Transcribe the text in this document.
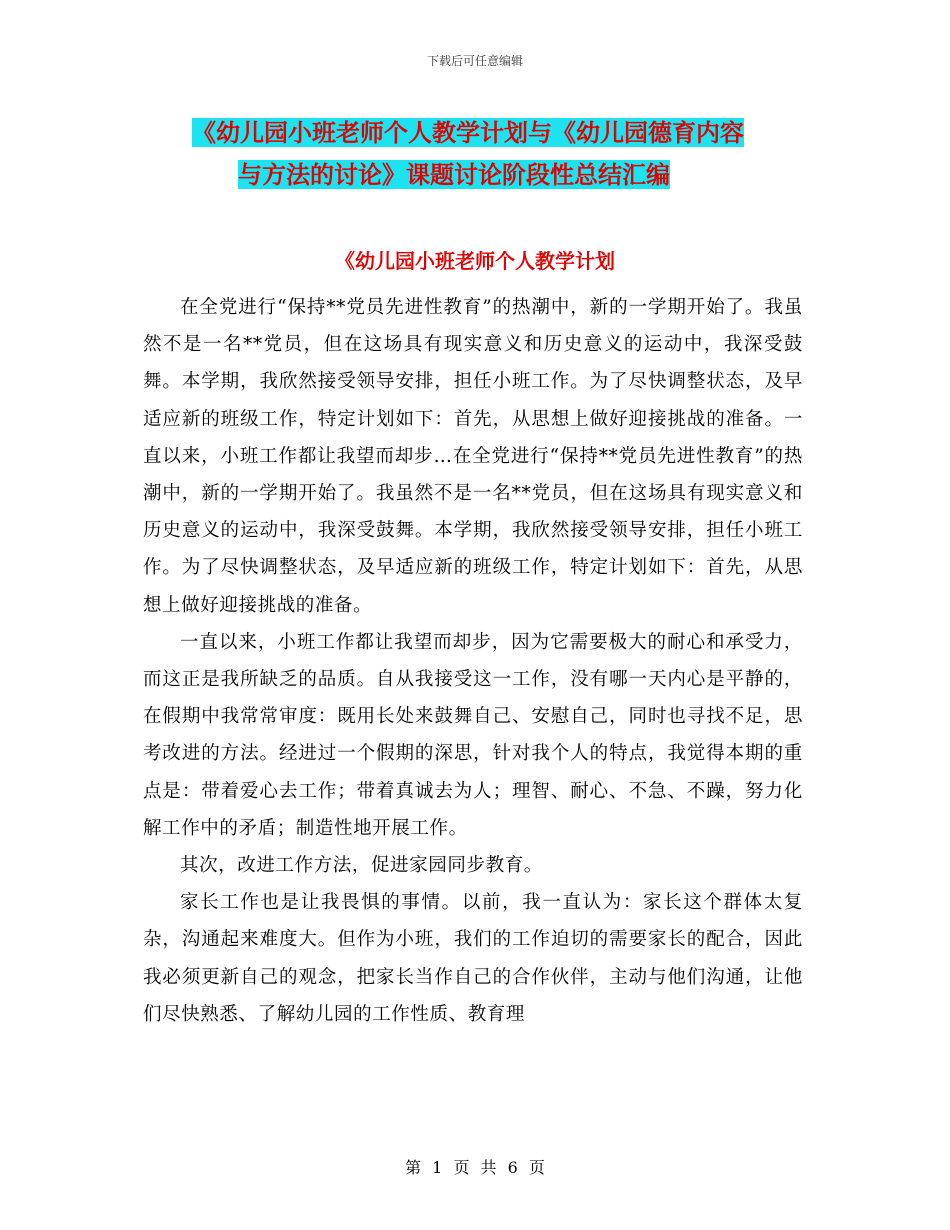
下载后可任意编辑
《幼儿园小班老师个人教学计划与《幼儿园德育内容
与方法的讨论》课题讨论阶段性总结汇编
《幼儿园小班老师个人教学计划

在全党进行“保持**党员先进性教育”的热潮中，新的一学期开始了。我虽然不是一名**党员，但在这场具有现实意义和历史意义的运动中，我深受鼓舞。本学期，我欣然接受领导安排，担任小班工作。为了尽快调整状态，及早适应新的班级工作，特定计划如下：首先，从思想上做好迎接挑战的准备。一直以来，小班工作都让我望而却步…在全党进行“保持**党员先进性教育”的热潮中，新的一学期开始了。我虽然不是一名**党员，但在这场具有现实意义和历史意义的运动中，我深受鼓舞。本学期，我欣然接受领导安排，担任小班工作。为了尽快调整状态，及早适应新的班级工作，特定计划如下：首先，从思想上做好迎接挑战的准备。

一直以来，小班工作都让我望而却步，因为它需要极大的耐心和承受力，而这正是我所缺乏的品质。自从我接受这一工作，没有哪一天内心是平静的，在假期中我常常审度：既用长处来鼓舞自己、安慰自己，同时也寻找不足，思考改进的方法。经进过一个假期的深思，针对我个人的特点，我觉得本期的重点是：带着爱心去工作；带着真诚去为人；理智、耐心、不急、不躁，努力化解工作中的矛盾；制造性地开展工作。

其次，改进工作方法，促进家园同步教育。

家长工作也是让我畏惧的事情。以前，我一直认为：家长这个群体太复杂，沟通起来难度大。但作为小班，我们的工作迫切的需要家长的配合，因此我必须更新自己的观念，把家长当作自己的合作伙伴，主动与他们沟通，让他们尽快熟悉、了解幼儿园的工作性质、教育理

第 1 页 共 6 页
